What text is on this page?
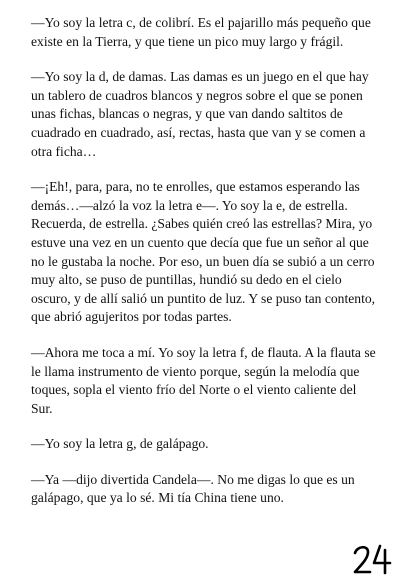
—Yo soy la letra c, de colibrí. Es el pajarillo más pequeño que existe en la Tierra, y que tiene un pico muy largo y frágil.

—Yo soy la d, de damas. Las damas es un juego en el que hay un tablero de cuadros blancos y negros sobre el que se ponen unas fichas, blancas o negras, y que van dando saltitos de cuadrado en cuadrado, así, rectas, hasta que van y se comen a otra ficha…

—¡Eh!, para, para, no te enrolles, que estamos esperando las demás…—alzó la voz la letra e—. Yo soy la e, de estrella. Recuerda, de estrella. ¿Sabes quién creó las estrellas? Mira, yo estuve una vez en un cuento que decía que fue un señor al que no le gustaba la noche. Por eso, un buen día se subió a un cerro muy alto, se puso de puntillas, hundió su dedo en el cielo oscuro, y de allí salió un puntito de luz. Y se puso tan contento, que abrió agujeritos por todas partes.

—Ahora me toca a mí. Yo soy la letra f, de flauta. A la flauta se le llama instrumento de viento porque, según la melodía que toques, sopla el viento frío del Norte o el viento caliente del Sur.

—Yo soy la letra g, de galápago.

—Ya —dijo divertida Candela—. No me digas lo que es un galápago, que ya lo sé. Mi tía China tiene uno.
